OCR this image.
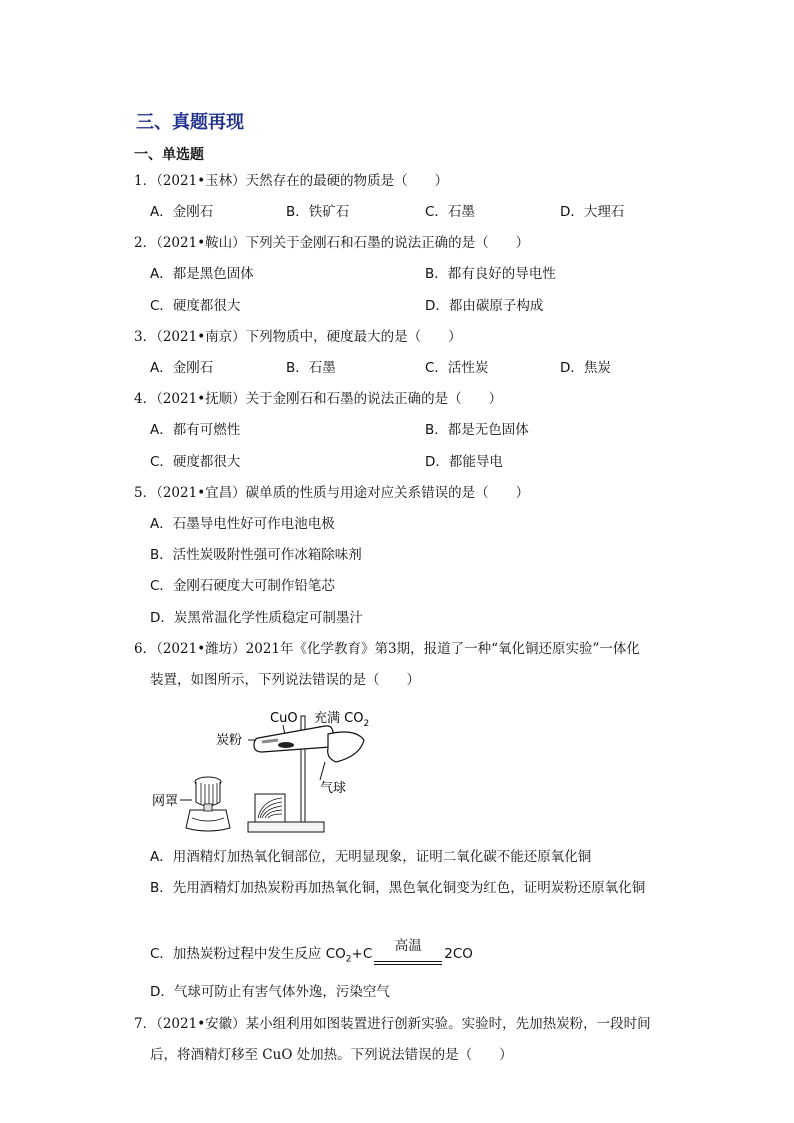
三、真题再现
一、单选题
1．（2021•玉林）天然存在的最硬的物质是（　　）
A．金刚石	B．铁矿石	C．石墨	D．大理石
2．（2021•鞍山）下列关于金刚石和石墨的说法正确的是（　　）
A．都是黑色固体	B．都有良好的导电性
C．硬度都很大	D．都由碳原子构成
3．（2021•南京）下列物质中，硬度最大的是（　　）
A．金刚石	B．石墨	C．活性炭	D．焦炭
4．（2021•抚顺）关于金刚石和石墨的说法正确的是（　　）
A．都有可燃性	B．都是无色固体
C．硬度都很大	D．都能导电
5．（2021•宜昌）碳单质的性质与用途对应关系错误的是（　　）
A．石墨导电性好可作电池电极
B．活性炭吸附性强可作冰箱除味剂
C．金刚石硬度大可制作铅笔芯
D．炭黑常温化学性质稳定可制墨汁
6．（2021•潍坊）2021年《化学教育》第3期，报道了一种“氧化铜还原实验”一体化
装置，如图所示，下列说法错误的是（　　）
CuO 充满 $CO_2$
炭粉
气球
网罩
A．用酒精灯加热氧化铜部位，无明显现象，证明二氧化碳不能还原氧化铜
B．先用酒精灯加热炭粉再加热氧化铜，黑色氧化铜变为红色，证明炭粉还原氧化铜
C．加热炭粉过程中发生反应 $CO_2+C$
高温
2CO
D．气球可防止有害气体外逸，污染空气
7．（2021•安徽）某小组利用如图装置进行创新实验。实验时，先加热炭粉，一段时间
后，将酒精灯移至 CuO 处加热。下列说法错误的是（　　）
